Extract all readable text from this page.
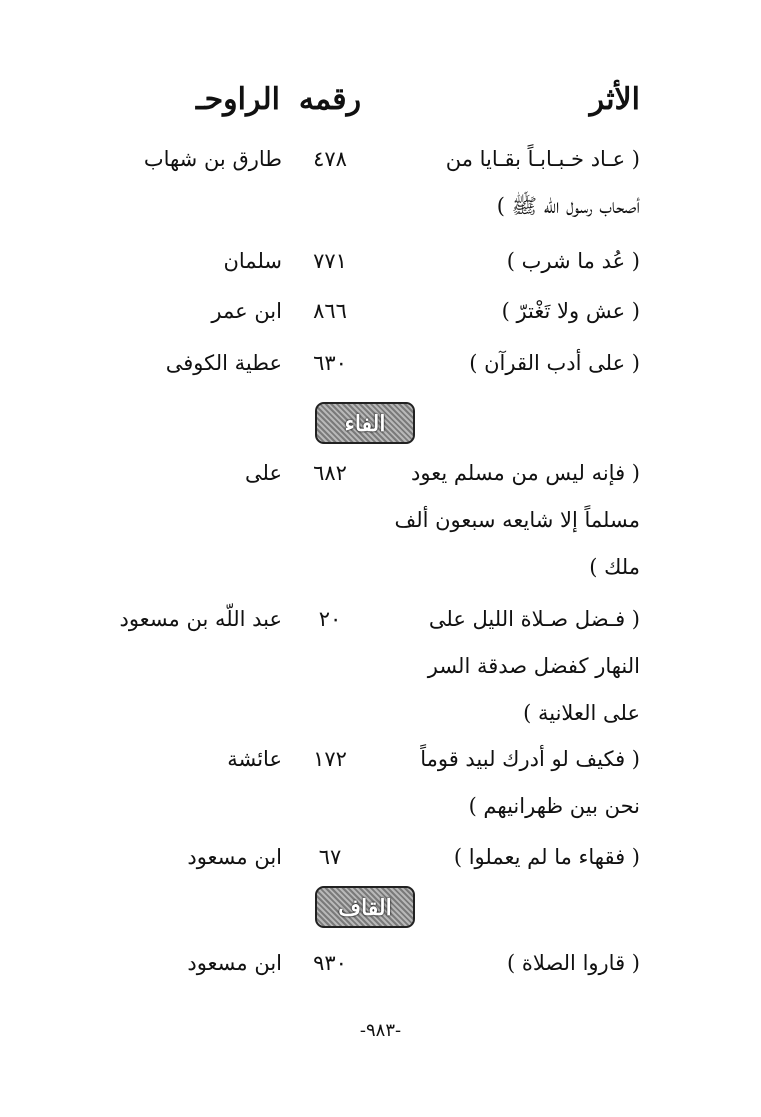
الأثر
رقمه
الراوحـ
( عـاد خـبـابـاً بقـايا من
أصحاب رسول اللّه ﷺ )
٤٧٨
طارق بن شهاب
( عُد ما شرب )
٧٧١
سلمان
( عش ولا تَغْترّ )
٨٦٦
ابن عمر
( على أدب القرآن )
٦٣٠
عطية الكوفى
الفاء
( فإنه ليس من مسلم يعود
مسلماً إلا شايعه سبعون ألف
ملك )
٦٨٢
على
( فـضل صـلاة الليل على
النهار كفضل صدقة السر
على العلانية )
٢٠
عبد اللّه بن مسعود
( فكيف لو أدرك لبيد قوماً
نحن بين ظهرانيهم )
١٧٢
عائشة
( فقهاء ما لم يعملوا )
٦٧
ابن مسعود
القاف
( قاروا الصلاة )
٩٣٠
ابن مسعود
-٩٨٣-
